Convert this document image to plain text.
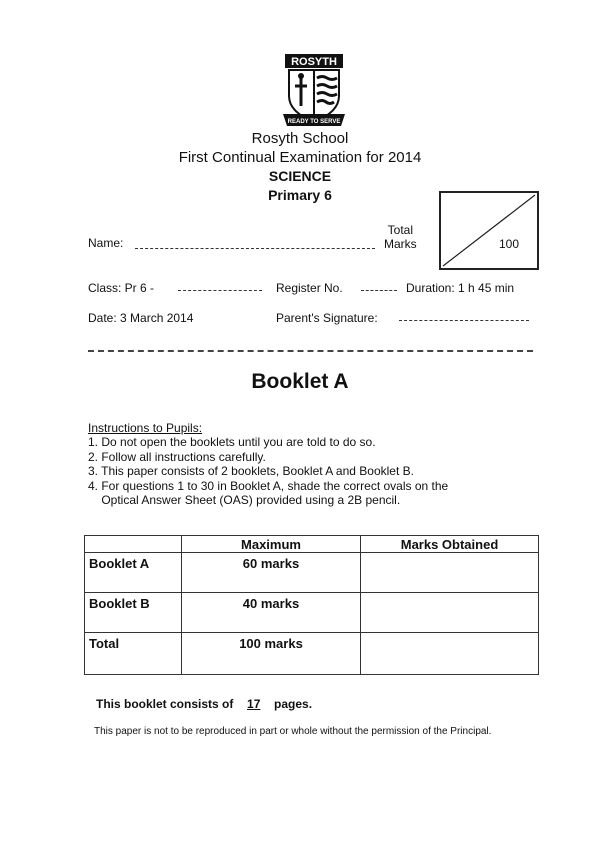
ROSYTH
READY TO SERVE
Rosyth School
First Continual Examination for 2014
SCIENCE
Primary 6
Total
Marks	100
Name:
Class: Pr 6 -	Register No.	Duration: 1 h 45 min
Date: 3 March 2014	Parent's Signature:
Booklet A
Instructions to Pupils:
1. Do not open the booklets until you are told to do so.
2. Follow all instructions carefully.
3. This paper consists of 2 booklets, Booklet A and Booklet B.
4. For questions 1 to 30 in Booklet A, shade the correct ovals on the
Optical Answer Sheet (OAS) provided using a 2B pencil.
	Maximum	Marks Obtained
Booklet A	60 marks	
Booklet B	40 marks	
Total	100 marks	
This booklet consists of 17 pages.
This paper is not to be reproduced in part or whole without the permission of the Principal.
